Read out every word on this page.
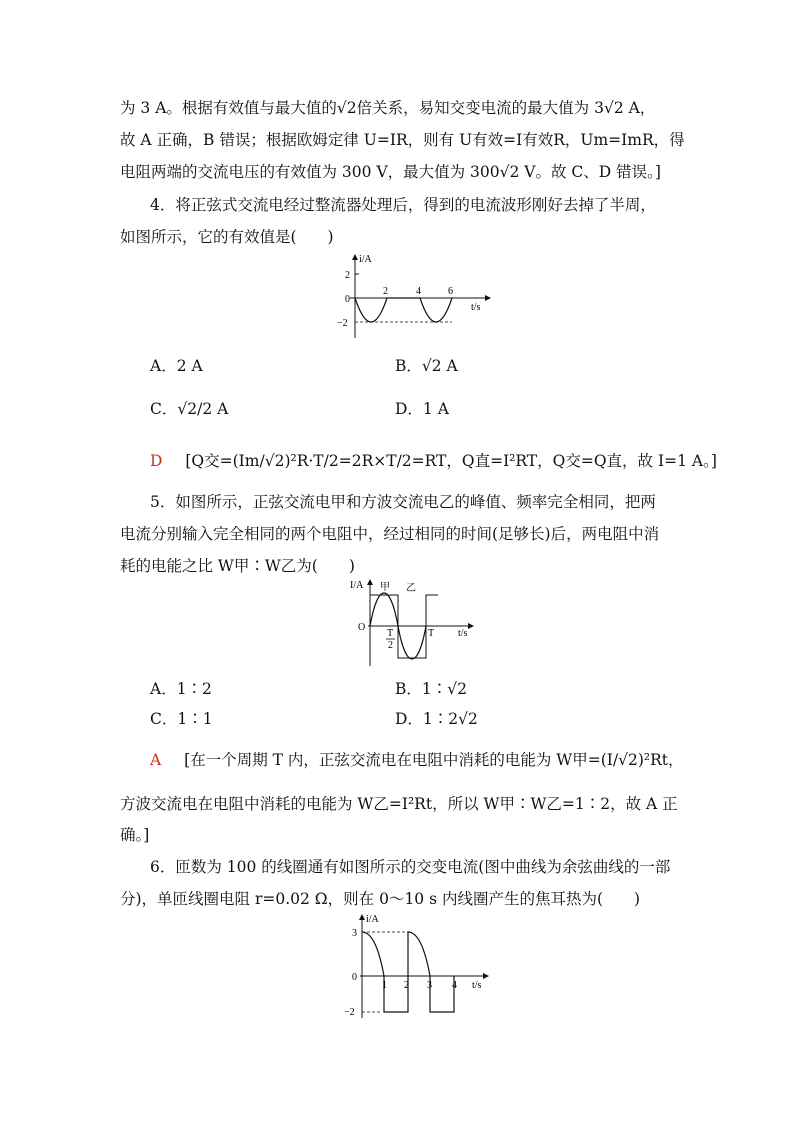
为 3 A。根据有效值与最大值的√2倍关系，易知交变电流的最大值为 3√2 A，
故 A 正确，B 错误；根据欧姆定律 U=IR，则有 U有效=I有效R，Um=ImR，得
电阻两端的交流电压的有效值为 300 V，最大值为 300√2 V。故 C、D 错误。]
4．将正弦式交流电经过整流器处理后，得到的电流波形刚好去掉了半周，
如图所示，它的有效值是(　　)
i/A
2
0
−2
2	4	6
t/s
A．2 A	B．√2 A
C．√2/2 A	D．1 A
D [Q交=(Im/√2)²R·T/2=2R×T/2=RT，Q直=I²RT，Q交=Q直，故 I=1 A。]
5．如图所示，正弦交流电甲和方波交流电乙的峰值、频率完全相同，把两
电流分别输入完全相同的两个电阻中，经过相同的时间(足够长)后，两电阻中消
耗的电能之比 W甲∶W乙为(　　)
I/A 甲 乙
O
T
2
T t/s
A．1∶2	B．1∶√2
C．1∶1	D．1∶2√2
A [在一个周期 T 内，正弦交流电在电阻中消耗的电能为 W甲=(I/√2)²Rt，
方波交流电在电阻中消耗的电能为 W乙=I²Rt，所以 W甲∶W乙=1∶2，故 A 正
确。]
6．匝数为 100 的线圈通有如图所示的交变电流(图中曲线为余弦曲线的一部
分)，单匝线圈电阻 r=0.02 Ω，则在 0～10 s 内线圈产生的焦耳热为(　　)
i/A
3
0
−2
1 2 3 4 t/s
